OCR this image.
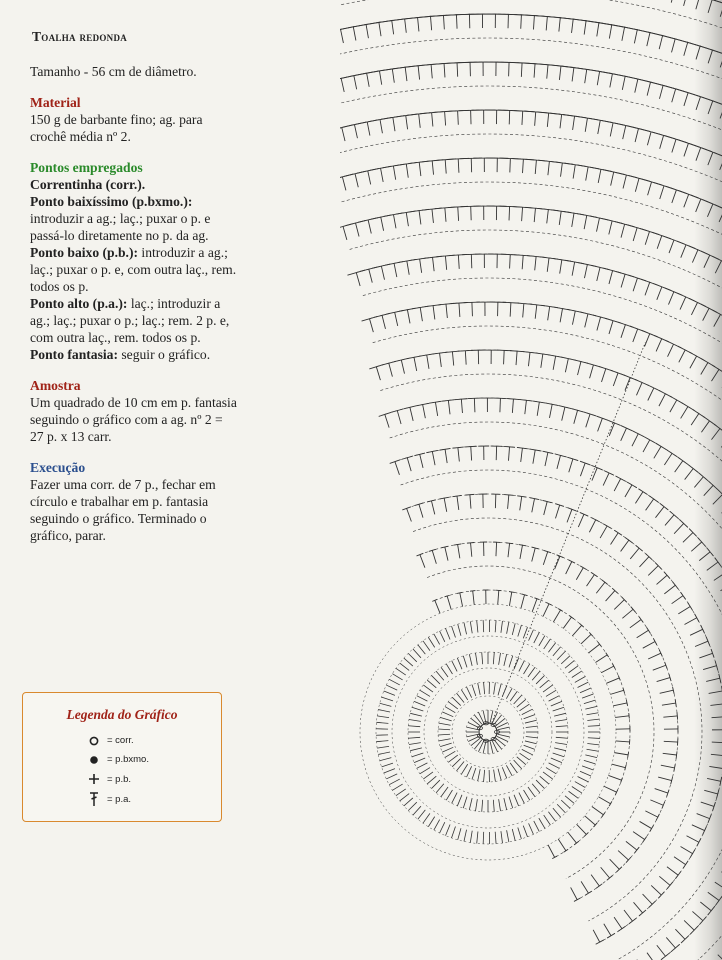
Toalha redonda

Tamanho - 56 cm de diâmetro.

Material

150 g de barbante fino; ag. para crochê média nº 2.

Pontos empregados

Correntinha (corr.).

Ponto baixíssimo (p.bxmo.): introduzir a ag.; laç.; puxar o p. e passá-lo diretamente no p. da ag.

Ponto baixo (p.b.): introduzir a ag.; laç.; puxar o p. e, com outra laç., rem. todos os p.

Ponto alto (p.a.): laç.; introduzir a ag.; laç.; puxar o p.; laç.; rem. 2 p. e, com outra laç., rem. todos os p.

Ponto fantasia: seguir o gráfico.

Amostra

Um quadrado de 10 cm em p. fantasia seguindo o gráfico com a ag. nº 2 = 27 p. x 13 carr.

Execução

Fazer uma corr. de 7 p., fechar em círculo e trabalhar em p. fantasia seguindo o gráfico. Terminado o gráfico, parar.

Legenda do Gráfico
= corr.
= p.bxmo.
= p.b.
= p.a.
